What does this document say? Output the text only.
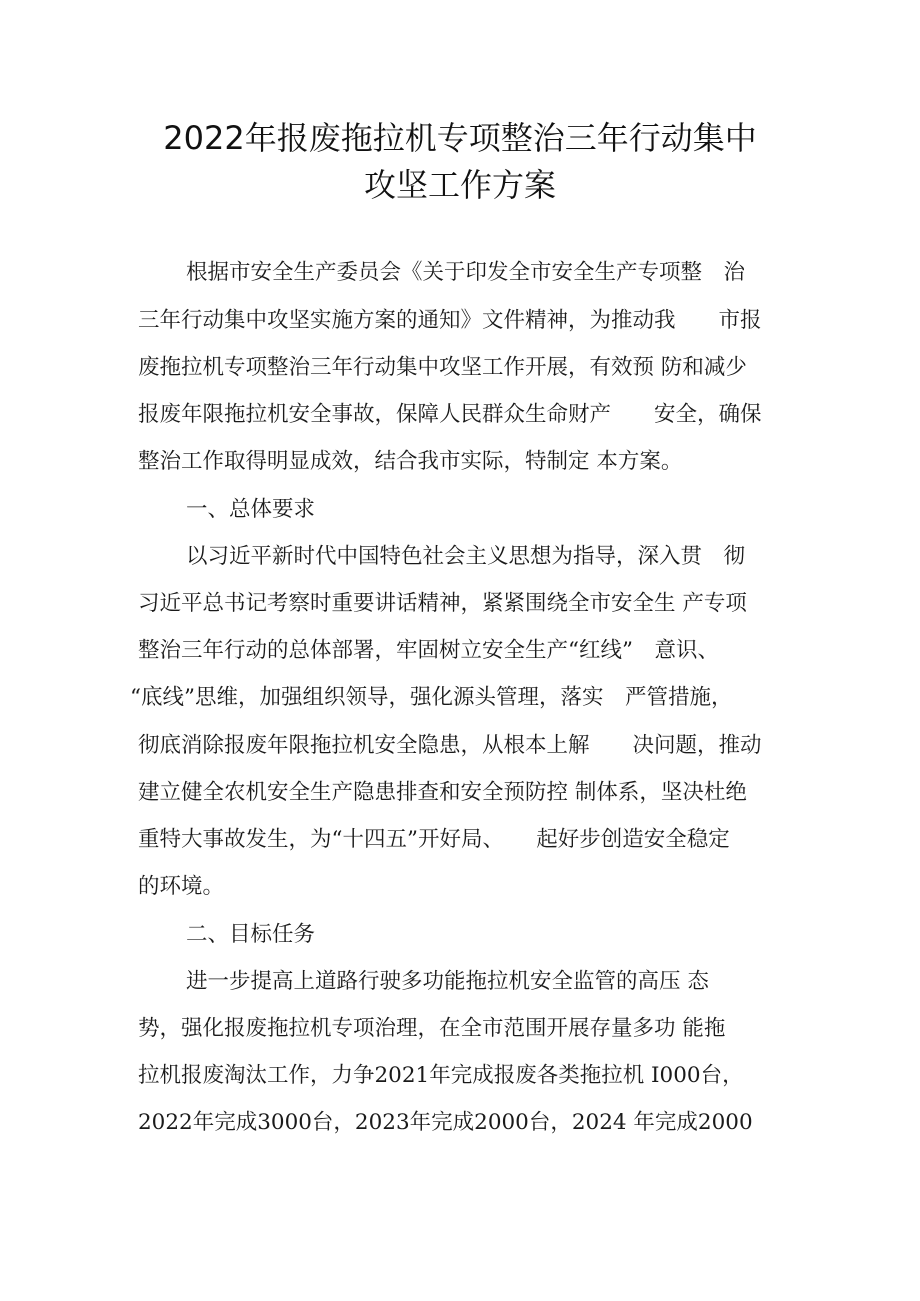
2022年报废拖拉机专项整治三年行动集中
攻坚工作方案

根据市安全生产委员会《关于印发全市安全生产专项整　治

三年行动集中攻坚实施方案的通知》文件精神，为推动我　　市报

废拖拉机专项整治三年行动集中攻坚工作开展，有效预 防和减少

报废年限拖拉机安全事故，保障人民群众生命财产　　安全，确保

整治工作取得明显成效，结合我市实际，特制定 本方案。

一、总体要求

以习近平新时代中国特色社会主义思想为指导，深入贯　彻

习近平总书记考察时重要讲话精神，紧紧围绕全市安全生 产专项

整治三年行动的总体部署，牢固树立安全生产“红线”　意识、

“底线”思维，加强组织领导，强化源头管理，落实　严管措施，

彻底消除报废年限拖拉机安全隐患，从根本上解　　决问题，推动

建立健全农机安全生产隐患排查和安全预防控 制体系，坚决杜绝

重特大事故发生，为“十四五”开好局、　　起好步创造安全稳定

的环境。

二、目标任务

进一步提高上道路行驶多功能拖拉机安全监管的高压 态

势，强化报废拖拉机专项治理，在全市范围开展存量多功 能拖

拉机报废淘汰工作，力争2021年完成报废各类拖拉机 I000台，

2022年完成3000台，2023年完成2000台，2024 年完成2000
